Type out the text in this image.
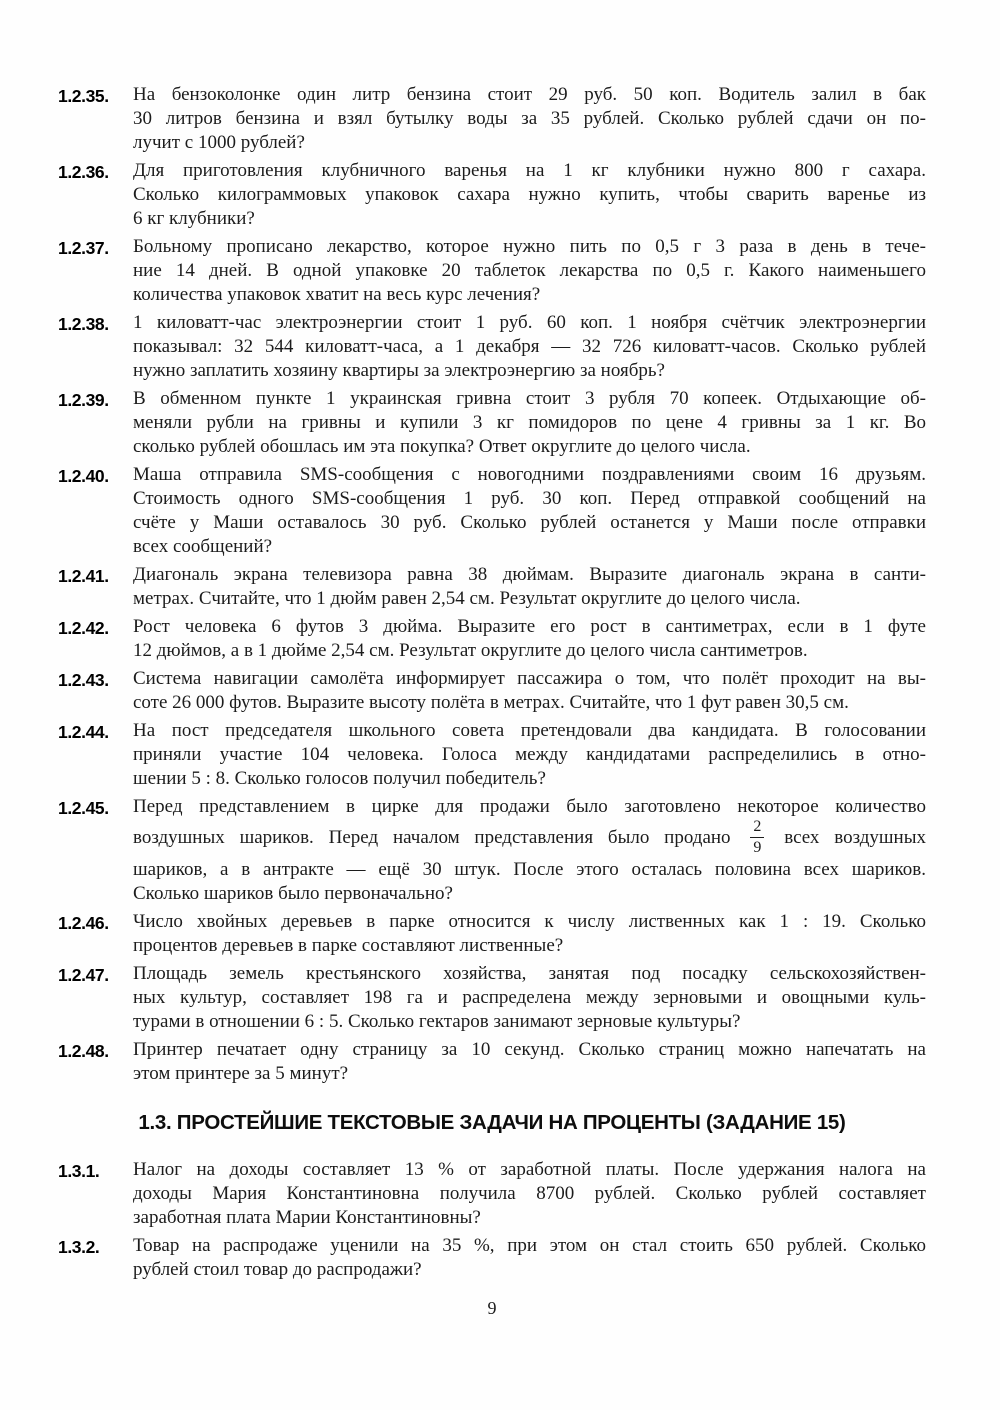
1.2.35.	На бензоколонке один литр бензина стоит 29 руб. 50 коп. Водитель залил в бак
30 литров бензина и взял бутылку воды за 35 рублей. Сколько рублей сдачи он по-
лучит с 1000 рублей?
1.2.36.	Для приготовления клубничного варенья на 1 кг клубники нужно 800 г сахара.
Сколько килограммовых упаковок сахара нужно купить, чтобы сварить варенье из
6 кг клубники?
1.2.37.	Больному прописано лекарство, которое нужно пить по 0,5 г 3 раза в день в тече-
ние 14 дней. В одной упаковке 20 таблеток лекарства по 0,5 г. Какого наименьшего
количества упаковок хватит на весь курс лечения?
1.2.38.	1 киловатт-час электроэнергии стоит 1 руб. 60 коп. 1 ноября счётчик электроэнергии
показывал: 32 544 киловатт-часа, а 1 декабря — 32 726 киловатт-часов. Сколько рублей
нужно заплатить хозяину квартиры за электроэнергию за ноябрь?
1.2.39.	В обменном пункте 1 украинская гривна стоит 3 рубля 70 копеек. Отдыхающие об-
меняли рубли на гривны и купили 3 кг помидоров по цене 4 гривны за 1 кг. Во
сколько рублей обошлась им эта покупка? Ответ округлите до целого числа.
1.2.40.	Маша отправила SMS-сообщения с новогодними поздравлениями своим 16 друзьям.
Стоимость одного SMS-сообщения 1 руб. 30 коп. Перед отправкой сообщений на
счёте у Маши оставалось 30 руб. Сколько рублей останется у Маши после отправки
всех сообщений?
1.2.41.	Диагональ экрана телевизора равна 38 дюймам. Выразите диагональ экрана в санти-
метрах. Считайте, что 1 дюйм равен 2,54 см. Результат округлите до целого числа.
1.2.42.	Рост человека 6 футов 3 дюйма. Выразите его рост в сантиметрах, если в 1 футе
12 дюймов, а в 1 дюйме 2,54 см. Результат округлите до целого числа сантиметров.
1.2.43.	Система навигации самолёта информирует пассажира о том, что полёт проходит на вы-
соте 26 000 футов. Выразите высоту полёта в метрах. Считайте, что 1 фут равен 30,5 см.
1.2.44.	На пост председателя школьного совета претендовали два кандидата. В голосовании
приняли участие 104 человека. Голоса между кандидатами распределились в отно-
шении 5 : 8. Сколько голосов получил победитель?
1.2.45.	Перед представлением в цирке для продажи было заготовлено некоторое количество
воздушных шариков. Перед началом представления было продано $\frac{2}{9}$ всех воздушных
шариков, а в антракте — ещё 30 штук. После этого осталась половина всех шариков.
Сколько шариков было первоначально?
1.2.46.	Число хвойных деревьев в парке относится к числу лиственных как 1 : 19. Сколько
процентов деревьев в парке составляют лиственные?
1.2.47.	Площадь земель крестьянского хозяйства, занятая под посадку сельскохозяйствен-
ных культур, составляет 198 га и распределена между зерновыми и овощными куль-
турами в отношении 6 : 5. Сколько гектаров занимают зерновые культуры?
1.2.48.	Принтер печатает одну страницу за 10 секунд. Сколько страниц можно напечатать на
этом принтере за 5 минут?
1.3. ПРОСТЕЙШИЕ ТЕКСТОВЫЕ ЗАДАЧИ НА ПРОЦЕНТЫ (ЗАДАНИЕ 15)
1.3.1.	Налог на доходы составляет 13 % от заработной платы. После удержания налога на
доходы Мария Константиновна получила 8700 рублей. Сколько рублей составляет
заработная плата Марии Константиновны?
1.3.2.	Товар на распродаже уценили на 35 %, при этом он стал стоить 650 рублей. Сколько
рублей стоил товар до распродажи?
9
